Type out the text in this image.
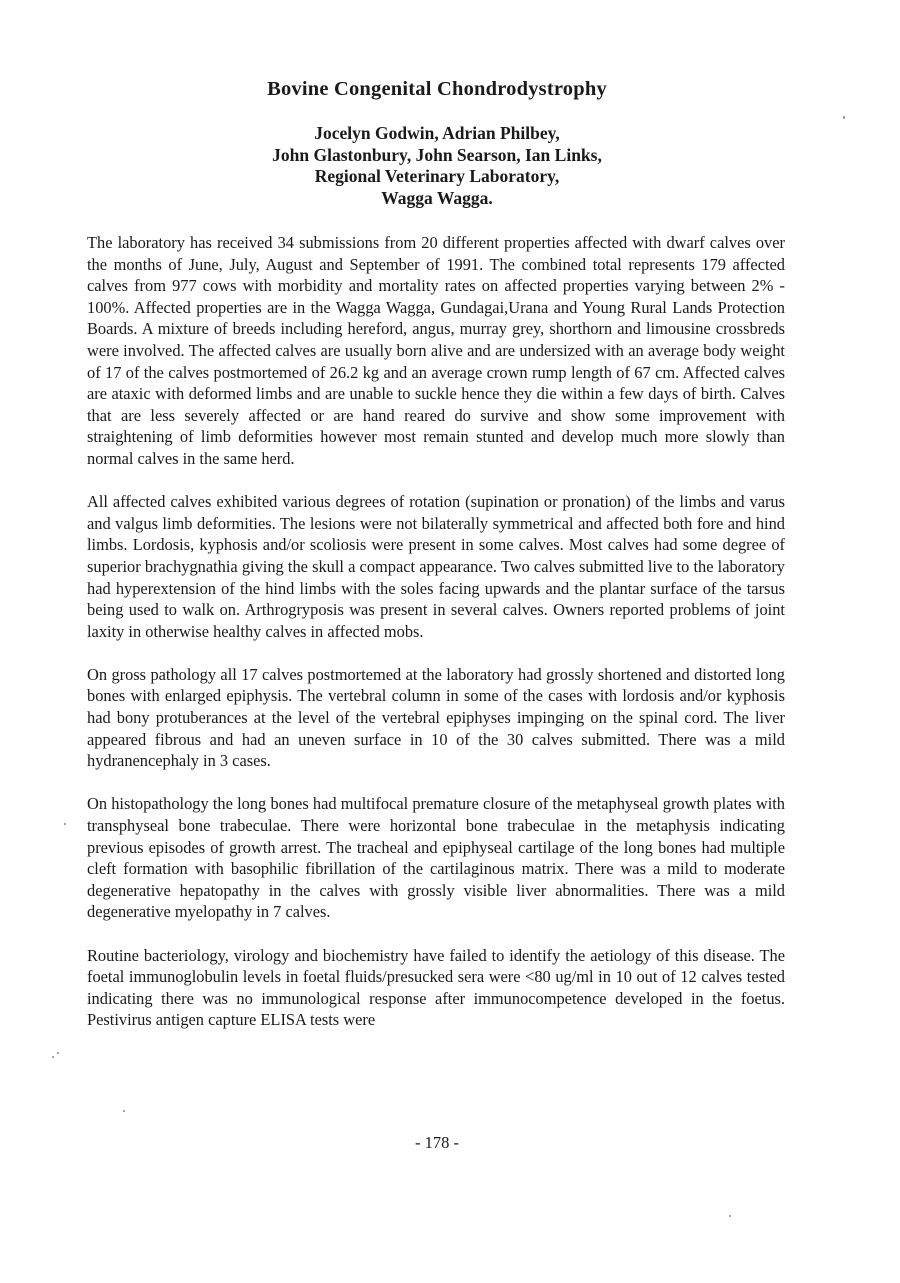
Bovine Congenital Chondrodystrophy
Jocelyn Godwin, Adrian Philbey,
John Glastonbury, John Searson, Ian Links,
Regional Veterinary Laboratory,
Wagga Wagga.

The laboratory has received 34 submissions from 20 different properties affected with dwarf calves over the months of June, July, August and September of 1991. The combined total represents 179 affected calves from 977 cows with morbidity and mortality rates on affected properties varying between 2% - 100%. Affected properties are in the Wagga Wagga, Gundagai,Urana and Young Rural Lands Protection Boards. A mixture of breeds including hereford, angus, murray grey, shorthorn and limousine crossbreds were involved. The affected calves are usually born alive and are undersized with an average body weight of 17 of the calves postmortemed of 26.2 kg and an average crown rump length of 67 cm. Affected calves are ataxic with deformed limbs and are unable to suckle hence they die within a few days of birth. Calves that are less severely affected or are hand reared do survive and show some improvement with straightening of limb deformities however most remain stunted and develop much more slowly than normal calves in the same herd.

All affected calves exhibited various degrees of rotation (supination or pronation) of the limbs and varus and valgus limb deformities. The lesions were not bilaterally symmetrical and affected both fore and hind limbs. Lordosis, kyphosis and/or scoliosis were present in some calves. Most calves had some degree of superior brachygnathia giving the skull a compact appearance. Two calves submitted live to the laboratory had hyperextension of the hind limbs with the soles facing upwards and the plantar surface of the tarsus being used to walk on. Arthrogryposis was present in several calves. Owners reported problems of joint laxity in otherwise healthy calves in affected mobs.

On gross pathology all 17 calves postmortemed at the laboratory had grossly shortened and distorted long bones with enlarged epiphysis. The vertebral column in some of the cases with lordosis and/or kyphosis had bony protuberances at the level of the vertebral epiphyses impinging on the spinal cord. The liver appeared fibrous and had an uneven surface in 10 of the 30 calves submitted. There was a mild hydranencephaly in 3 cases.

On histopathology the long bones had multifocal premature closure of the metaphyseal growth plates with transphyseal bone trabeculae. There were horizontal bone trabeculae in the metaphysis indicating previous episodes of growth arrest. The tracheal and epiphyseal cartilage of the long bones had multiple cleft formation with basophilic fibrillation of the cartilaginous matrix. There was a mild to moderate degenerative hepatopathy in the calves with grossly visible liver abnormalities. There was a mild degenerative myelopathy in 7 calves.

Routine bacteriology, virology and biochemistry have failed to identify the aetiology of this disease. The foetal immunoglobulin levels in foetal fluids/presucked sera were <80 ug/ml in 10 out of 12 calves tested indicating there was no immunological response after immunocompetence developed in the foetus. Pestivirus antigen capture ELISA tests were

- 178 -
